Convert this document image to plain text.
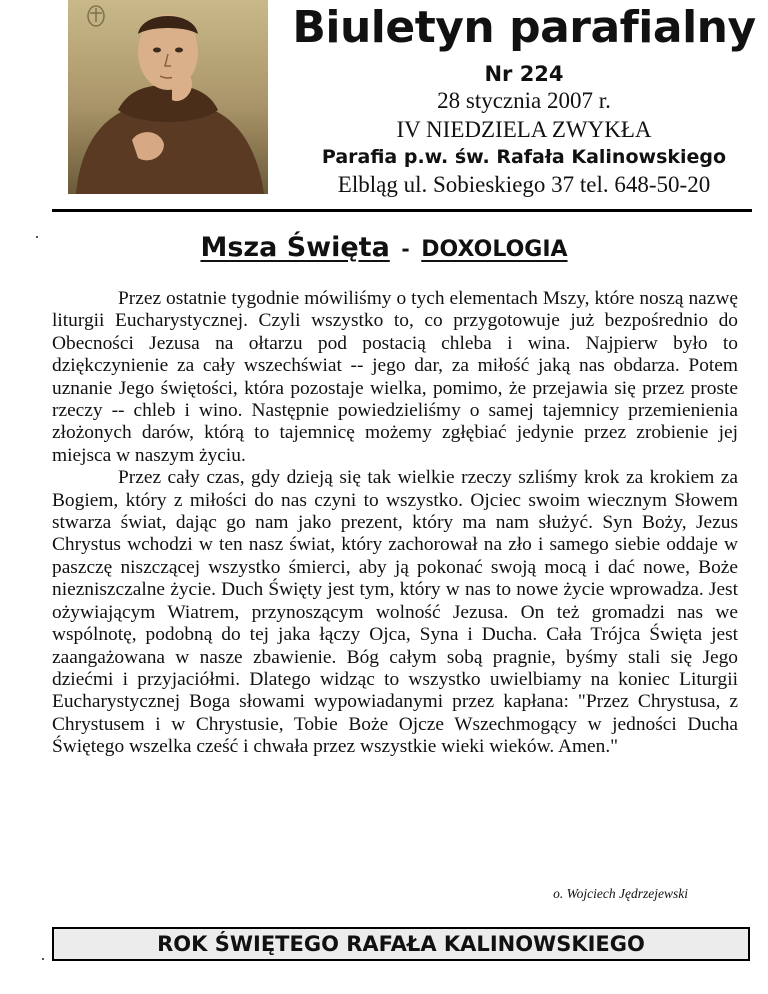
Biuletyn parafialny
Nr 224
28 stycznia 2007 r.
IV NIEDZIELA ZWYKŁA
Parafia p.w. św. Rafała Kalinowskiego
Elbląg ul. Sobieskiego 37 tel. 648-50-20
Msza Święta - DOXOLOGIA

Przez ostatnie tygodnie mówiliśmy o tych elementach Mszy, które noszą nazwę liturgii Eucharystycznej. Czyli wszystko to, co przygotowuje już bezpośrednio do Obecności Jezusa na ołtarzu pod postacią chleba i wina. Najpierw było to dziękczynienie za cały wszechświat -- jego dar, za miłość jaką nas obdarza. Potem uznanie Jego świętości, która pozostaje wielka, pomimo, że przejawia się przez proste rzeczy -- chleb i wino. Następnie powiedzieliśmy o samej tajemnicy przemienienia złożonych darów, którą to tajemnicę możemy zgłębiać jedynie przez zrobienie jej miejsca w naszym życiu.

Przez cały czas, gdy dzieją się tak wielkie rzeczy szliśmy krok za krokiem za Bogiem, który z miłości do nas czyni to wszystko. Ojciec swoim wiecznym Słowem stwarza świat, dając go nam jako prezent, który ma nam służyć. Syn Boży, Jezus Chrystus wchodzi w ten nasz świat, który zachorował na zło i samego siebie oddaje w paszczę niszczącej wszystko śmierci, aby ją pokonać swoją mocą i dać nowe, Boże niezniszczalne życie. Duch Święty jest tym, który w nas to nowe życie wprowadza. Jest ożywiającym Wiatrem, przynoszącym wolność Jezusa. On też gromadzi nas we wspólnotę, podobną do tej jaka łączy Ojca, Syna i Ducha. Cała Trójca Święta jest zaangażowana w nasze zbawienie. Bóg całym sobą pragnie, byśmy stali się Jego dziećmi i przyjaciółmi. Dlatego widząc to wszystko uwielbiamy na koniec Liturgii Eucharystycznej Boga słowami wypowiadanymi przez kapłana: "Przez Chrystusa, z Chrystusem i w Chrystusie, Tobie Boże Ojcze Wszechmogący w jedności Ducha Świętego wszelka cześć i chwała przez wszystkie wieki wieków. Amen."

o. Wojciech Jędrzejewski
ROK ŚWIĘTEGO RAFAŁA KALINOWSKIEGO
